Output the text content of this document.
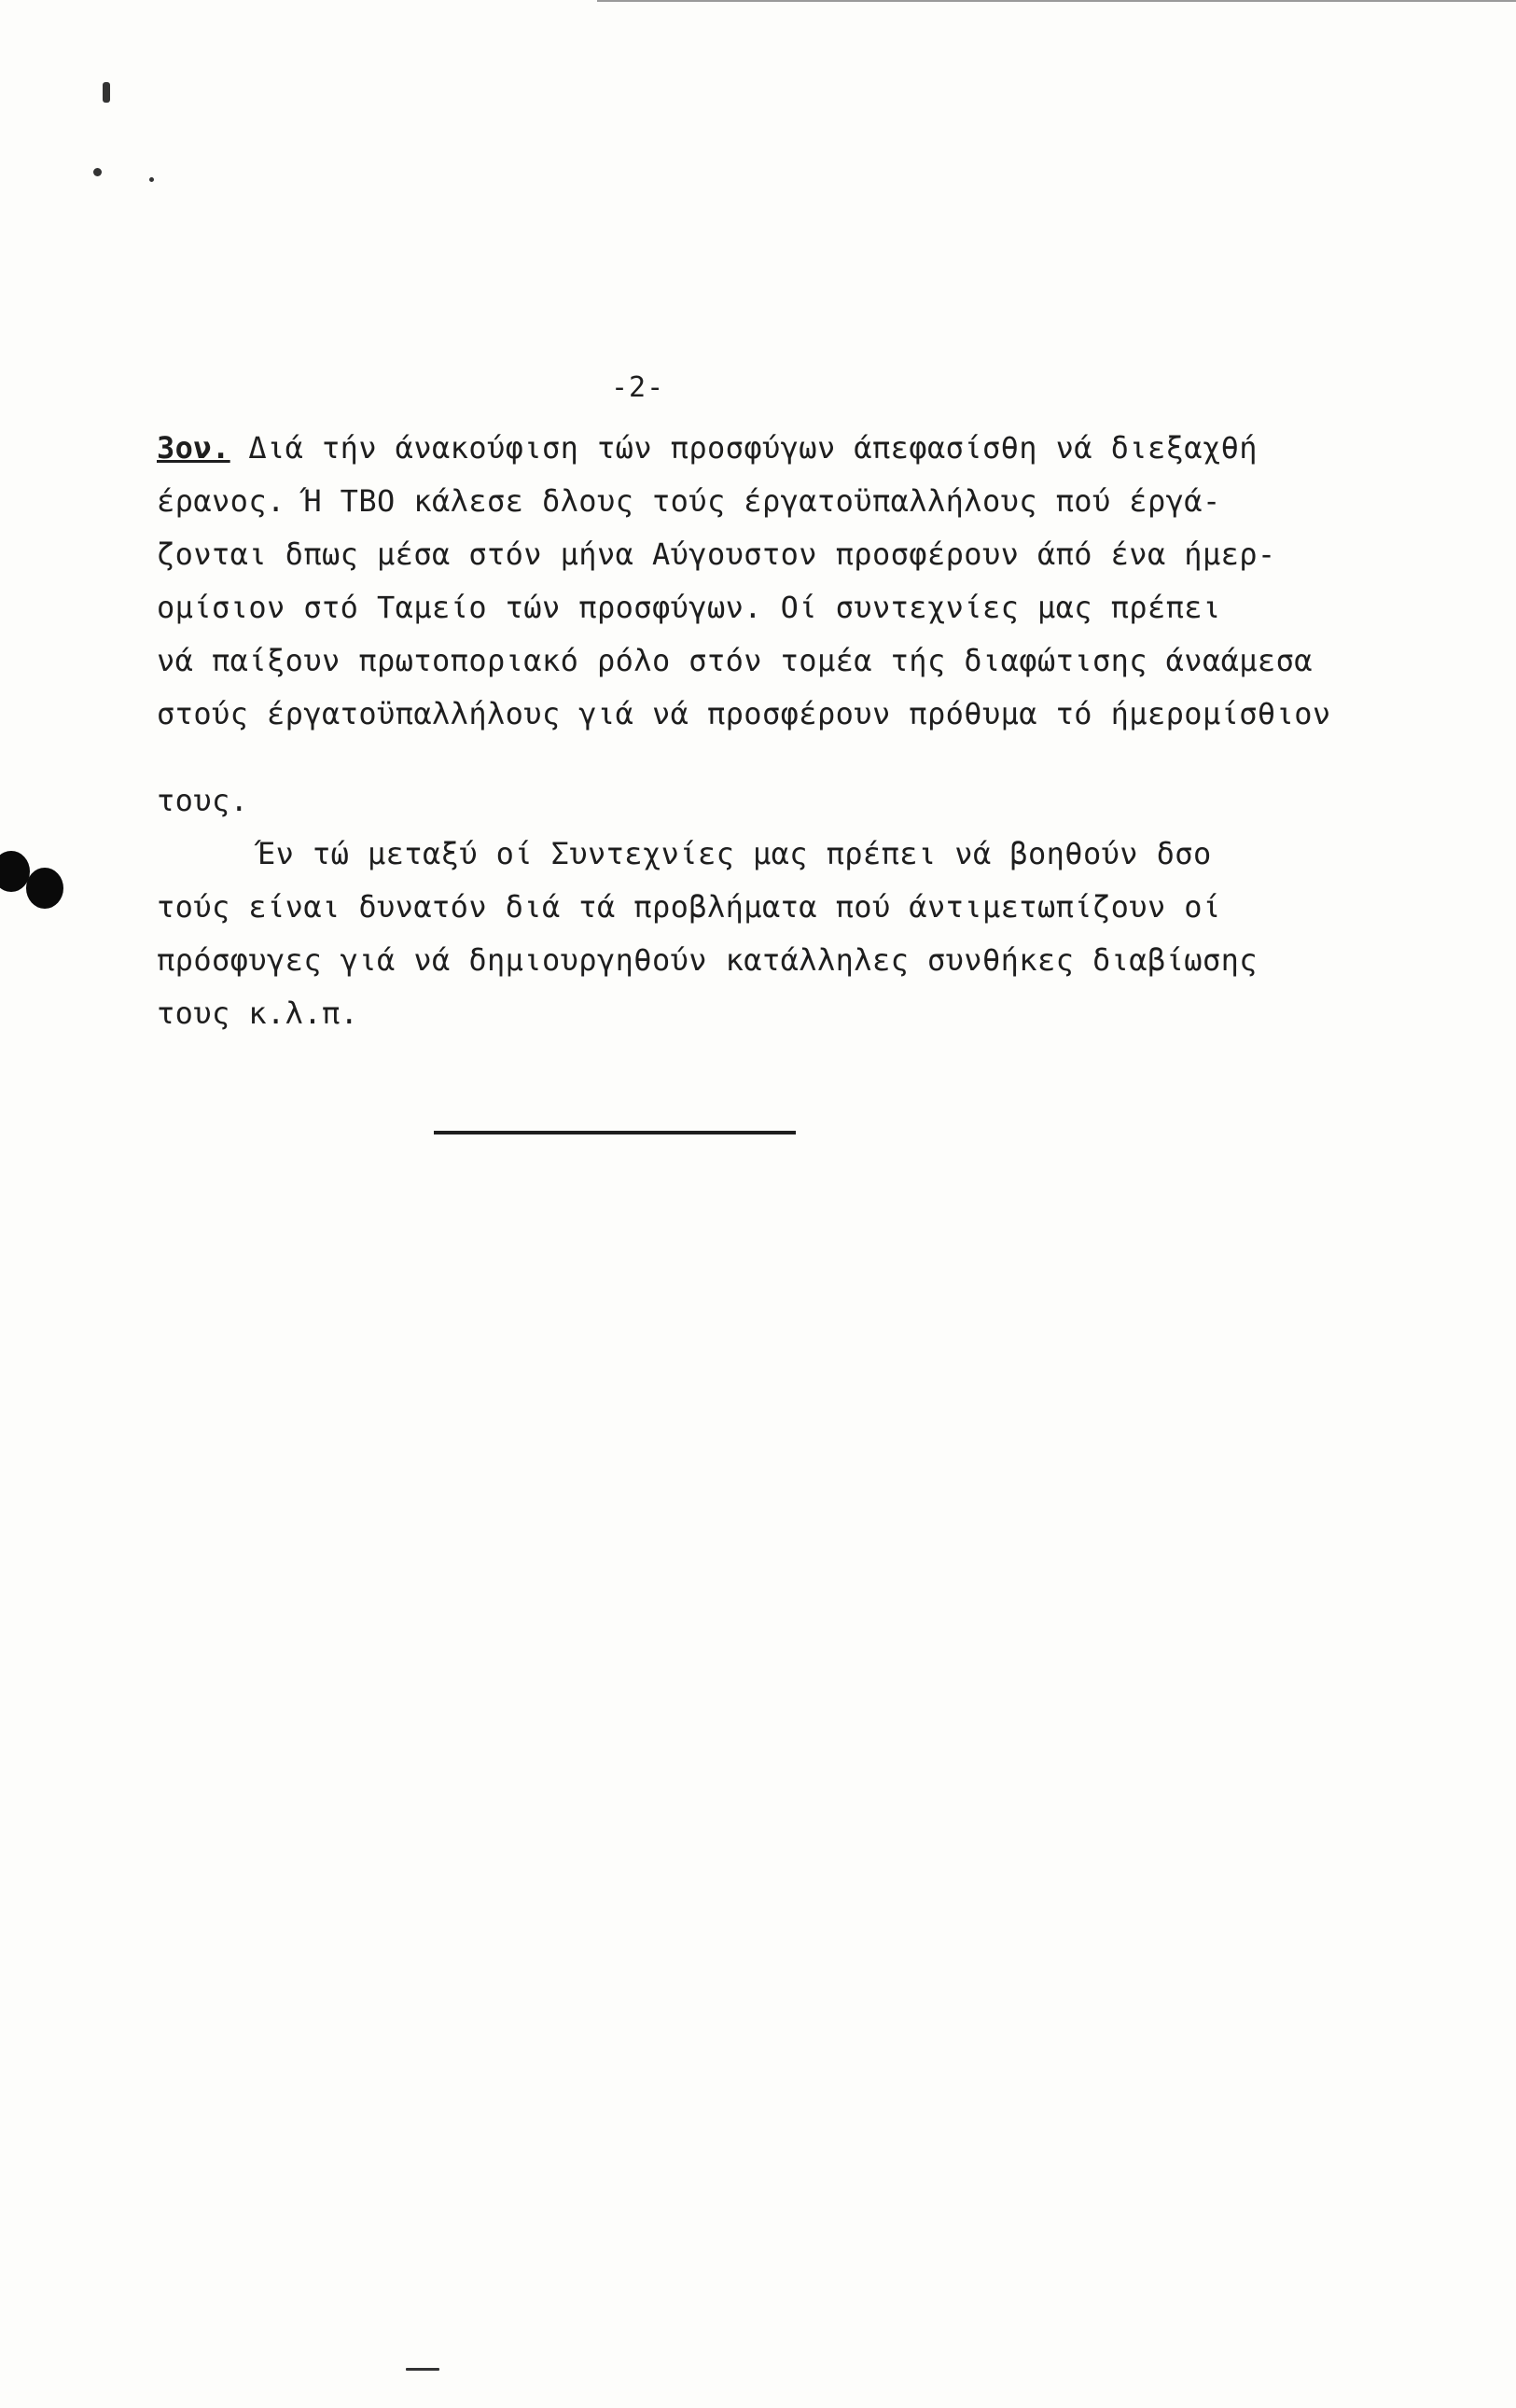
-2-
3ον. Διά τήν άνακούφιση τών προσφύγων άπεφασίσθη νά διεξαχθή
έρανος. Ή ΤΒΟ κάλεσε δλους τούς έργατοϋπαλλήλους πού έργά-
ζονται δπως μέσα στόν μήνα Αύγουστον προσφέρουν άπό ένα ήμερ-
ομίσιον στό Ταμείο τών προσφύγων. Οί συντεχνίες μας πρέπει
νά παίξουν πρωτοποριακό ρόλο στόν τομέα τής διαφώτισης άναάμεσα
στούς έργατοϋπαλλήλους γιά νά προσφέρουν πρόθυμα τό ήμερομίσθιον
τους.
Έν τώ μεταξύ οί Συντεχνίες μας πρέπει νά βοηθούν δσο
τούς είναι δυνατόν διά τά προβλήματα πού άντιμετωπίζουν οί
πρόσφυγες γιά νά δημιουργηθούν κατάλληλες συνθήκες διαβίωσης
τους κ.λ.π.
